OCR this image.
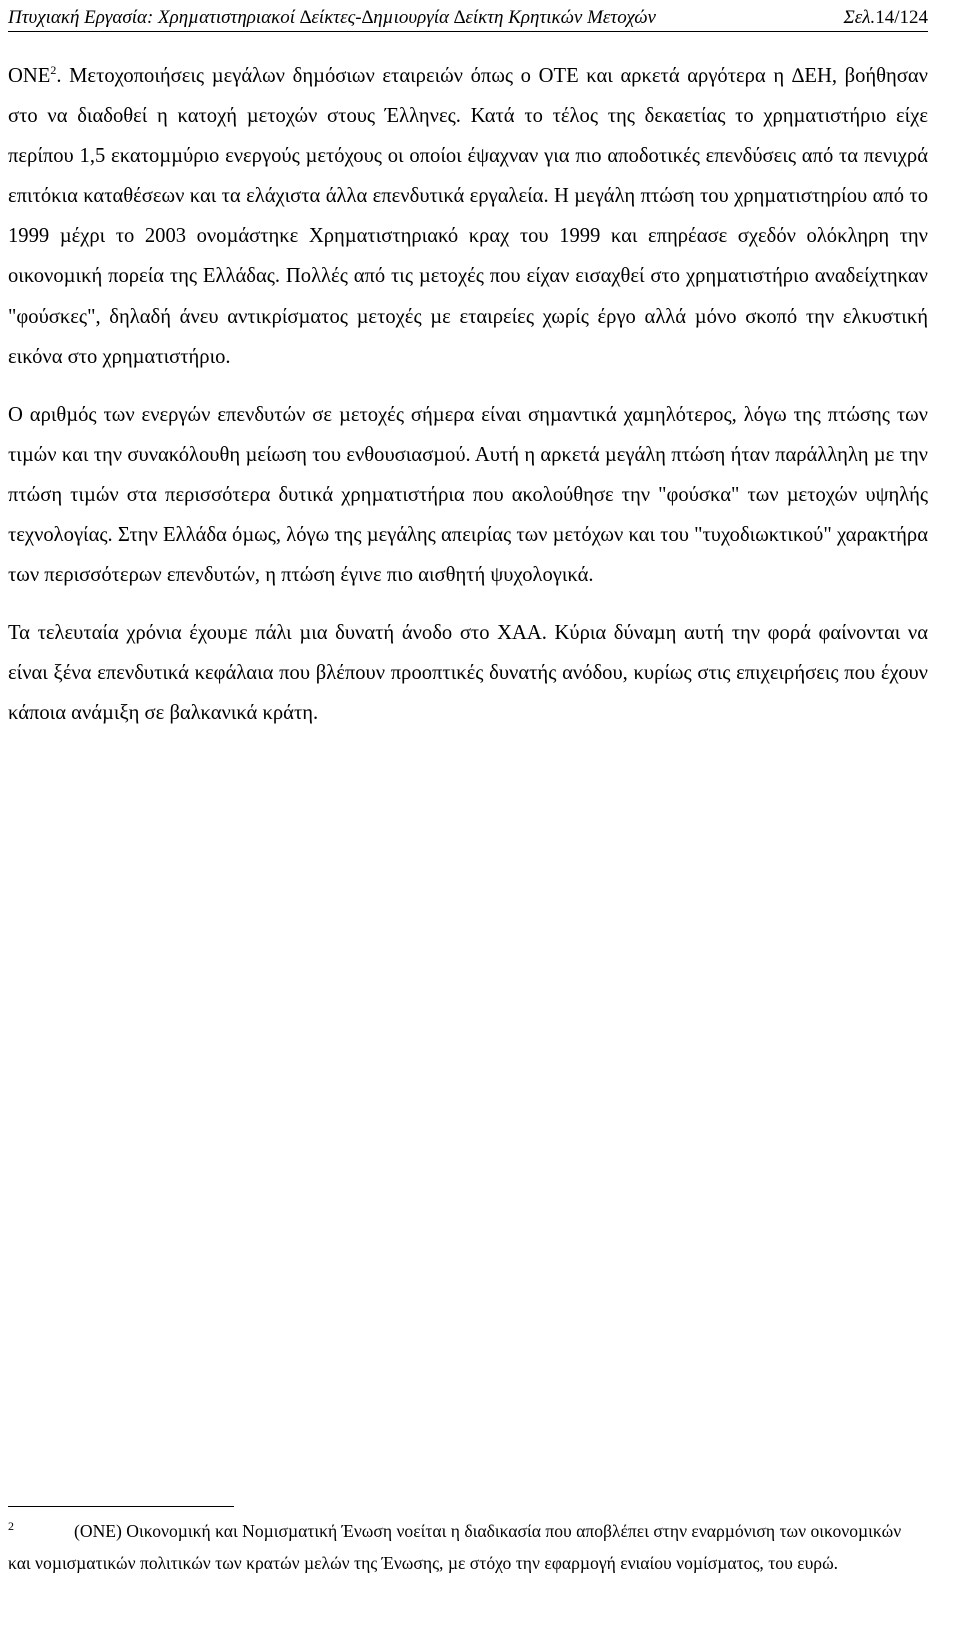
Πτυχιακή Εργασία: Χρηµατιστηριακοί ∆είκτες-∆ηµιουργία ∆είκτη Κρητικών Μετοχών	Σελ.14/124

ΟΝΕ$^2$. Μετοχοποιήσεις µεγάλων δηµόσιων εταιρειών όπως ο ΟΤΕ και αρκετά αργότερα η ∆ΕΗ, βοήθησαν στο να διαδοθεί η κατοχή µετοχών στους Έλληνες. Κατά το τέλος της δεκαετίας το χρηµατιστήριο είχε περίπου 1,5 εκατοµµύριο ενεργούς µετόχους οι οποίοι έψαχναν για πιο αποδοτικές επενδύσεις από τα πενιχρά επιτόκια καταθέσεων και τα ελάχιστα άλλα επενδυτικά εργαλεία. Η µεγάλη πτώση του χρηµατιστηρίου από το 1999 µέχρι το 2003 ονοµάστηκε Χρηµατιστηριακό κραχ του 1999 και επηρέασε σχεδόν ολόκληρη την οικονοµική πορεία της Ελλάδας. Πολλές από τις µετοχές που είχαν εισαχθεί στο χρηµατιστήριο αναδείχτηκαν "φούσκες", δηλαδή άνευ αντικρίσµατος µετοχές µε εταιρείες χωρίς έργο αλλά µόνο σκοπό την ελκυστική εικόνα στο χρηµατιστήριο.

Ο αριθµός των ενεργών επενδυτών σε µετοχές σήµερα είναι σηµαντικά χαµηλότερος, λόγω της πτώσης των τιµών και την συνακόλουθη µείωση του ενθουσιασµού. Αυτή η αρκετά µεγάλη πτώση ήταν παράλληλη µε την πτώση τιµών στα περισσότερα δυτικά χρηµατιστήρια που ακολούθησε την "φούσκα" των µετοχών υψηλής τεχνολογίας. Στην Ελλάδα όµως, λόγω της µεγάλης απειρίας των µετόχων και του "τυχοδιωκτικού" χαρακτήρα των περισσότερων επενδυτών, η πτώση έγινε πιο αισθητή ψυχολογικά.

Τα τελευταία χρόνια έχουµε πάλι µια δυνατή άνοδο στο ΧΑΑ. Κύρια δύναµη αυτή την φορά φαίνονται να είναι ξένα επενδυτικά κεφάλαια που βλέπουν προοπτικές δυνατής ανόδου, κυρίως στις επιχειρήσεις που έχουν κάποια ανάµιξη σε βαλκανικά κράτη.

2	(ΟΝΕ) Οικονοµική και Νοµισµατική Ένωση νοείται η διαδικασία που αποβλέπει στην εναρµόνιση των οικονοµικών και νοµισµατικών πολιτικών των κρατών µελών της Ένωσης, µε στόχο την εφαρµογή ενιαίου νοµίσµατος, του ευρώ.
